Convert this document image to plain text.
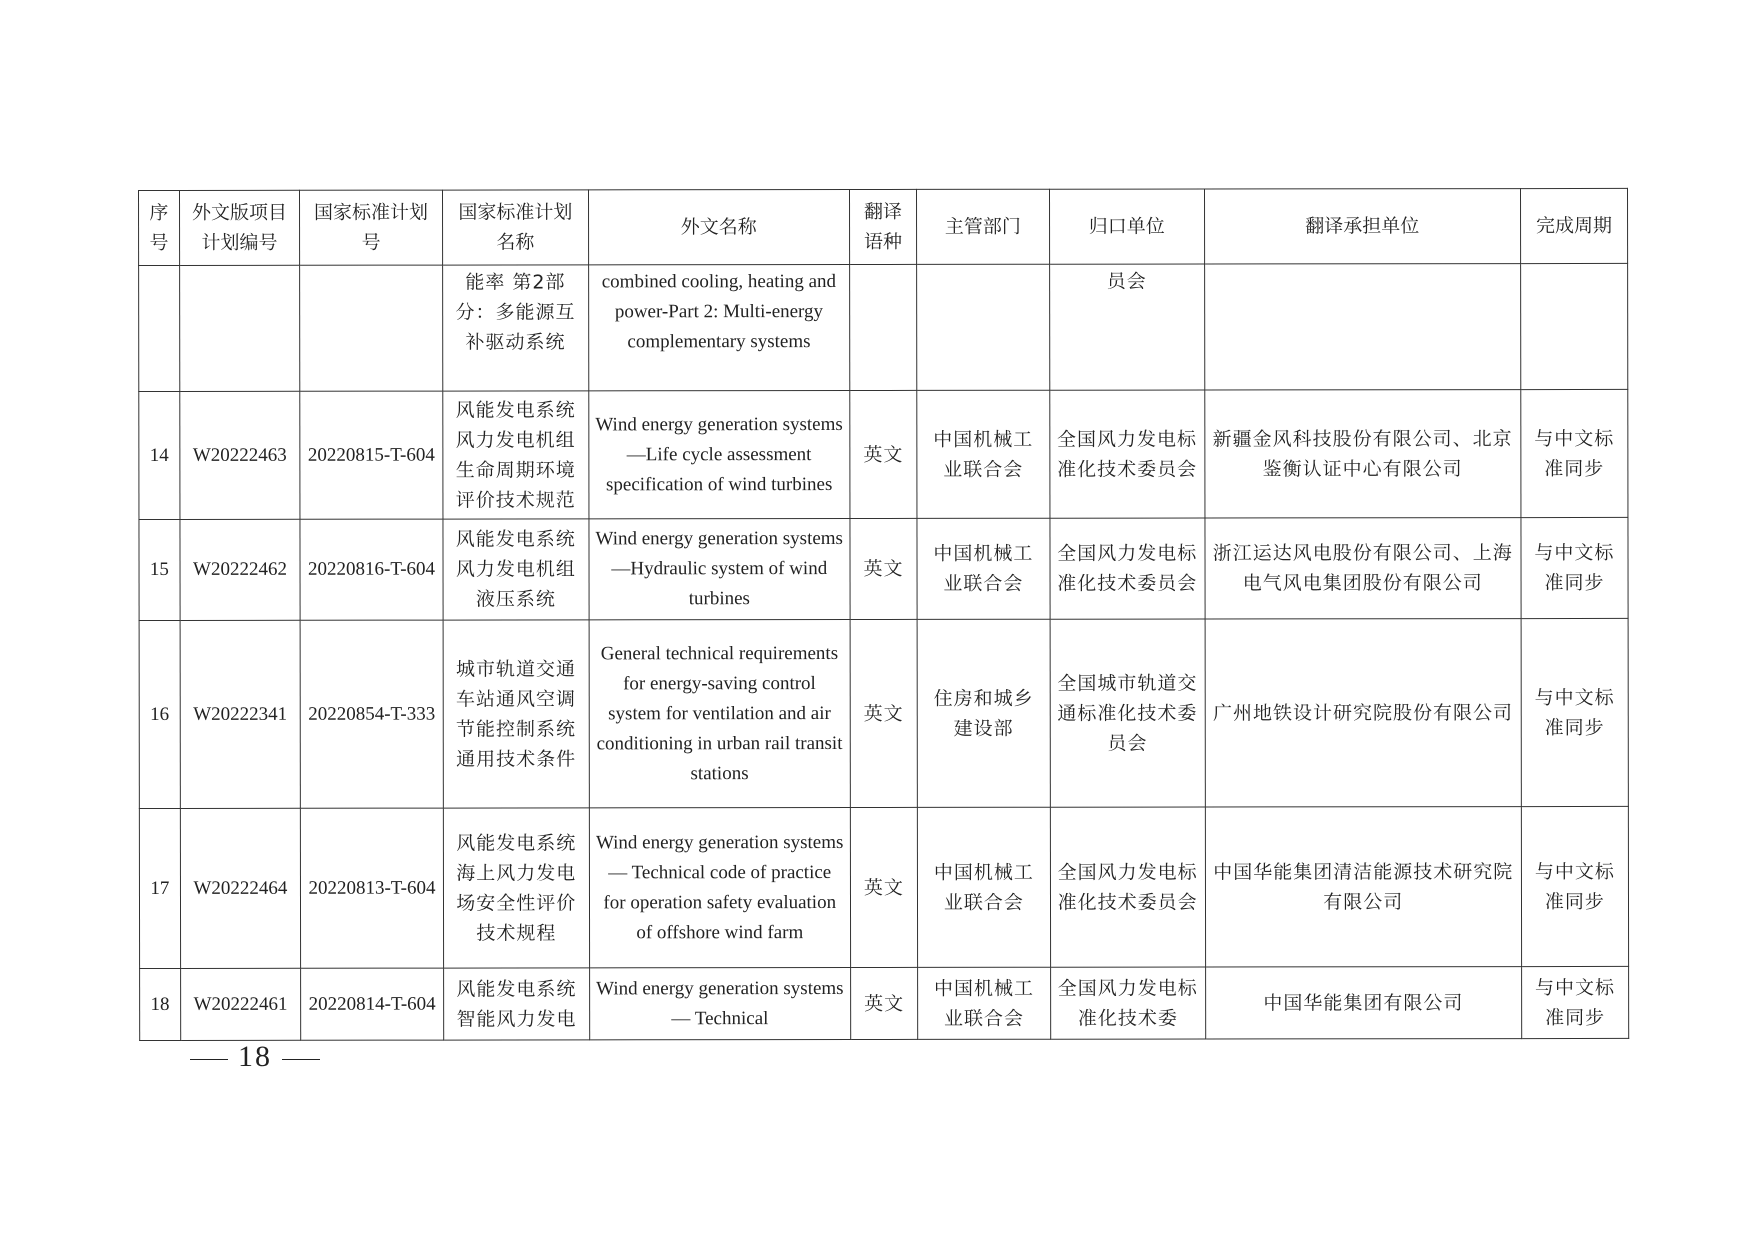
序号	外文版项目计划编号	国家标准计划号	国家标准计划名称	外文名称	翻译语种	主管部门	归口单位	翻译承担单位	完成周期
			能率 第2部分：多能源互补驱动系统	combined cooling, heating and power-Part 2: Multi-energy complementary systems			员会		
14	W20222463	20220815-T-604	风能发电系统风力发电机组生命周期环境评价技术规范	Wind energy generation systems —Life cycle assessment specification of wind turbines	英文	中国机械工业联合会	全国风力发电标准化技术委员会	新疆金风科技股份有限公司、北京鉴衡认证中心有限公司	与中文标准同步
15	W20222462	20220816-T-604	风能发电系统风力发电机组液压系统	Wind energy generation systems—Hydraulic system of wind turbines	英文	中国机械工业联合会	全国风力发电标准化技术委员会	浙江运达风电股份有限公司、上海电气风电集团股份有限公司	与中文标准同步
16	W20222341	20220854-T-333	城市轨道交通车站通风空调节能控制系统通用技术条件	General technical requirements for energy-saving control system for ventilation and air conditioning in urban rail transit stations	英文	住房和城乡建设部	全国城市轨道交通标准化技术委员会	广州地铁设计研究院股份有限公司	与中文标准同步
17	W20222464	20220813-T-604	风能发电系统海上风力发电场安全性评价技术规程	Wind energy generation systems — Technical code of practice for operation safety evaluation of offshore wind farm	英文	中国机械工业联合会	全国风力发电标准化技术委员会	中国华能集团清洁能源技术研究院有限公司	与中文标准同步
18	W20222461	20220814-T-604	风能发电系统智能风力发电	Wind energy generation systems — Technical	英文	中国机械工业联合会	全国风力发电标准化技术委	中国华能集团有限公司	与中文标准同步
18
